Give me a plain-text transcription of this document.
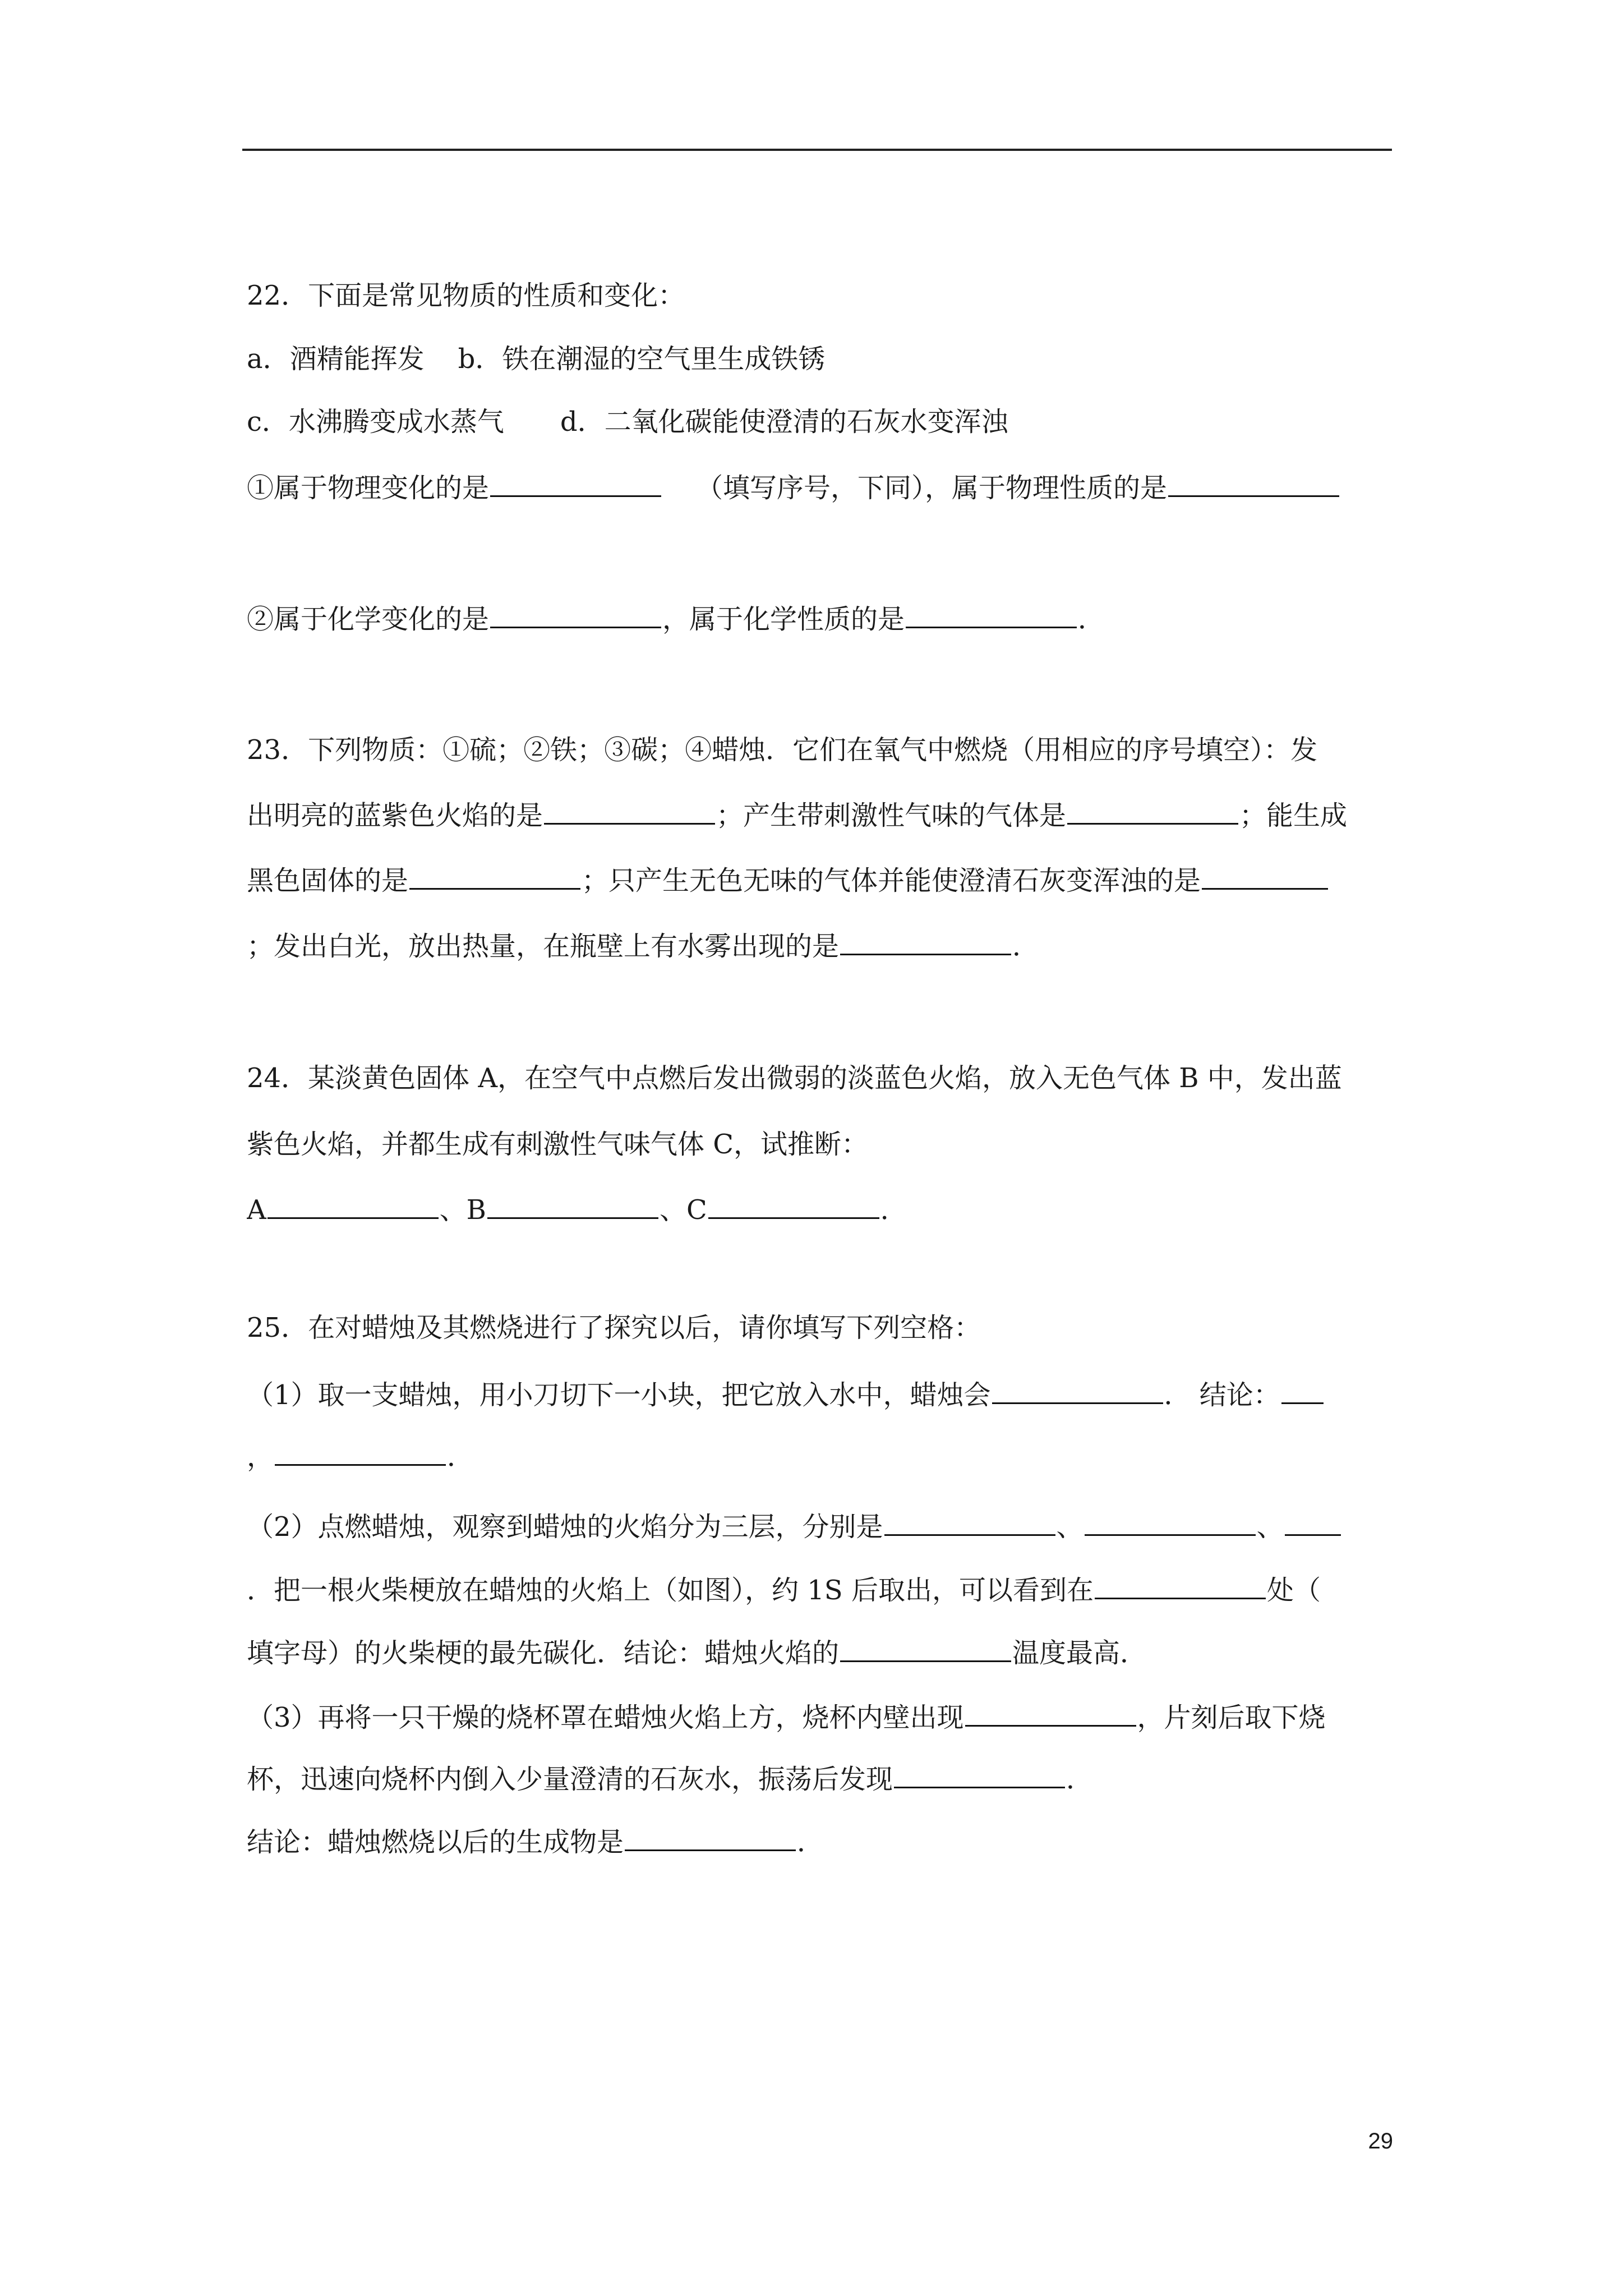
22．下面是常见物质的性质和变化：
a．酒精能挥发 b．铁在潮湿的空气里生成铁锈
c．水沸腾变成水蒸气 d．二氧化碳能使澄清的石灰水变浑浊
①属于物理变化的是	（填写序号，下同），属于物理性质的是
②属于化学变化的是	，属于化学性质的是	．
23．下列物质：①硫；②铁；③碳；④蜡烛．它们在氧气中燃烧（用相应的序号填空）：发
出明亮的蓝紫色火焰的是	；产生带刺激性气味的气体是	；能生成
黑色固体的是	；只产生无色无味的气体并能使澄清石灰变浑浊的是
；发出白光，放出热量，在瓶壁上有水雾出现的是	．
24．某淡黄色固体 A，在空气中点燃后发出微弱的淡蓝色火焰，放入无色气体 B 中，发出蓝
紫色火焰，并都生成有刺激性气味气体 C，试推断：
A	、B	、C	．
25．在对蜡烛及其燃烧进行了探究以后，请你填写下列空格：
（1）取一支蜡烛，用小刀切下一小块，把它放入水中，蜡烛会	． 结论：
，	．
（2）点燃蜡烛，观察到蜡烛的火焰分为三层，分别是	、	、
．把一根火柴梗放在蜡烛的火焰上（如图），约 1S 后取出，可以看到在	处（
填字母）的火柴梗的最先碳化．结论：蜡烛火焰的	温度最高．
（3）再将一只干燥的烧杯罩在蜡烛火焰上方，烧杯内壁出现	，片刻后取下烧
杯，迅速向烧杯内倒入少量澄清的石灰水，振荡后发现	．
结论：蜡烛燃烧以后的生成物是	．
29
